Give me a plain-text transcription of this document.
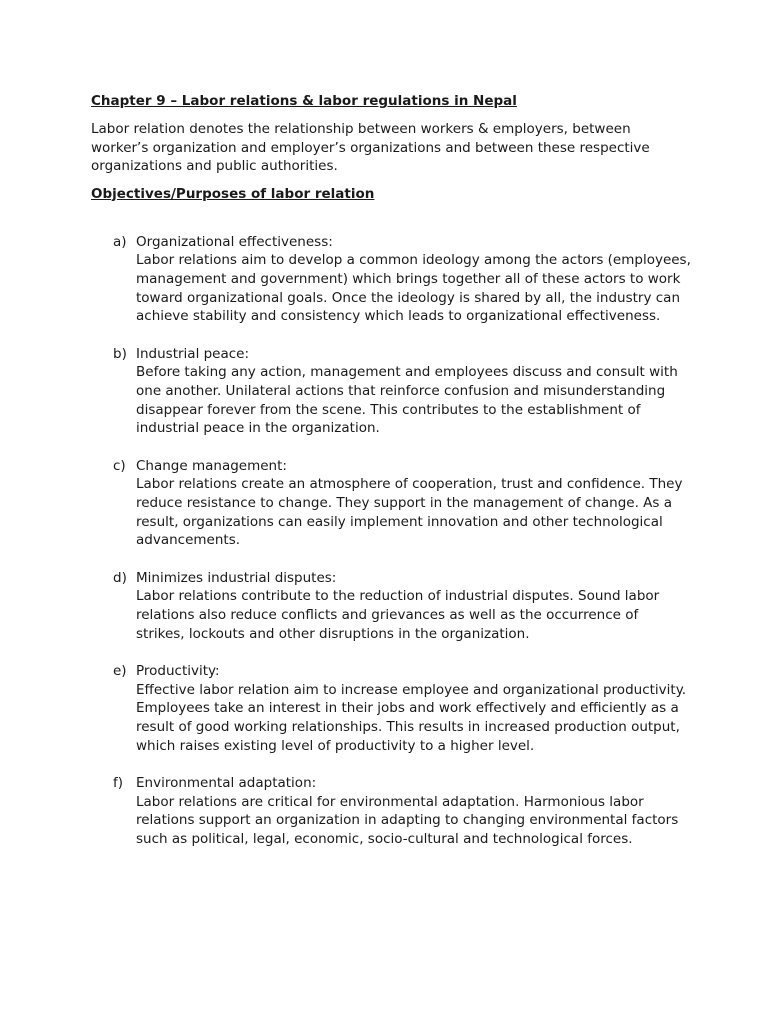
Chapter 9 – Labor relations & labor regulations in Nepal

Labor relation denotes the relationship between workers & employers, between worker’s organization and employer’s organizations and between these respective organizations and public authorities.

Objectives/Purposes of labor relation
a) Organizational effectiveness:
Labor relations aim to develop a common ideology among the actors (employees, management and government) which brings together all of these actors to work toward organizational goals. Once the ideology is shared by all, the industry can achieve stability and consistency which leads to organizational effectiveness.
b) Industrial peace:
Before taking any action, management and employees discuss and consult with one another. Unilateral actions that reinforce confusion and misunderstanding disappear forever from the scene. This contributes to the establishment of industrial peace in the organization.
c) Change management:
Labor relations create an atmosphere of cooperation, trust and confidence. They reduce resistance to change. They support in the management of change. As a result, organizations can easily implement innovation and other technological advancements.
d) Minimizes industrial disputes:
Labor relations contribute to the reduction of industrial disputes. Sound labor relations also reduce conflicts and grievances as well as the occurrence of strikes, lockouts and other disruptions in the organization.
e) Productivity:
Effective labor relation aim to increase employee and organizational productivity. Employees take an interest in their jobs and work effectively and efficiently as a result of good working relationships. This results in increased production output, which raises existing level of productivity to a higher level.
f) Environmental adaptation:
Labor relations are critical for environmental adaptation. Harmonious labor relations support an organization in adapting to changing environmental factors such as political, legal, economic, socio-cultural and technological forces.
